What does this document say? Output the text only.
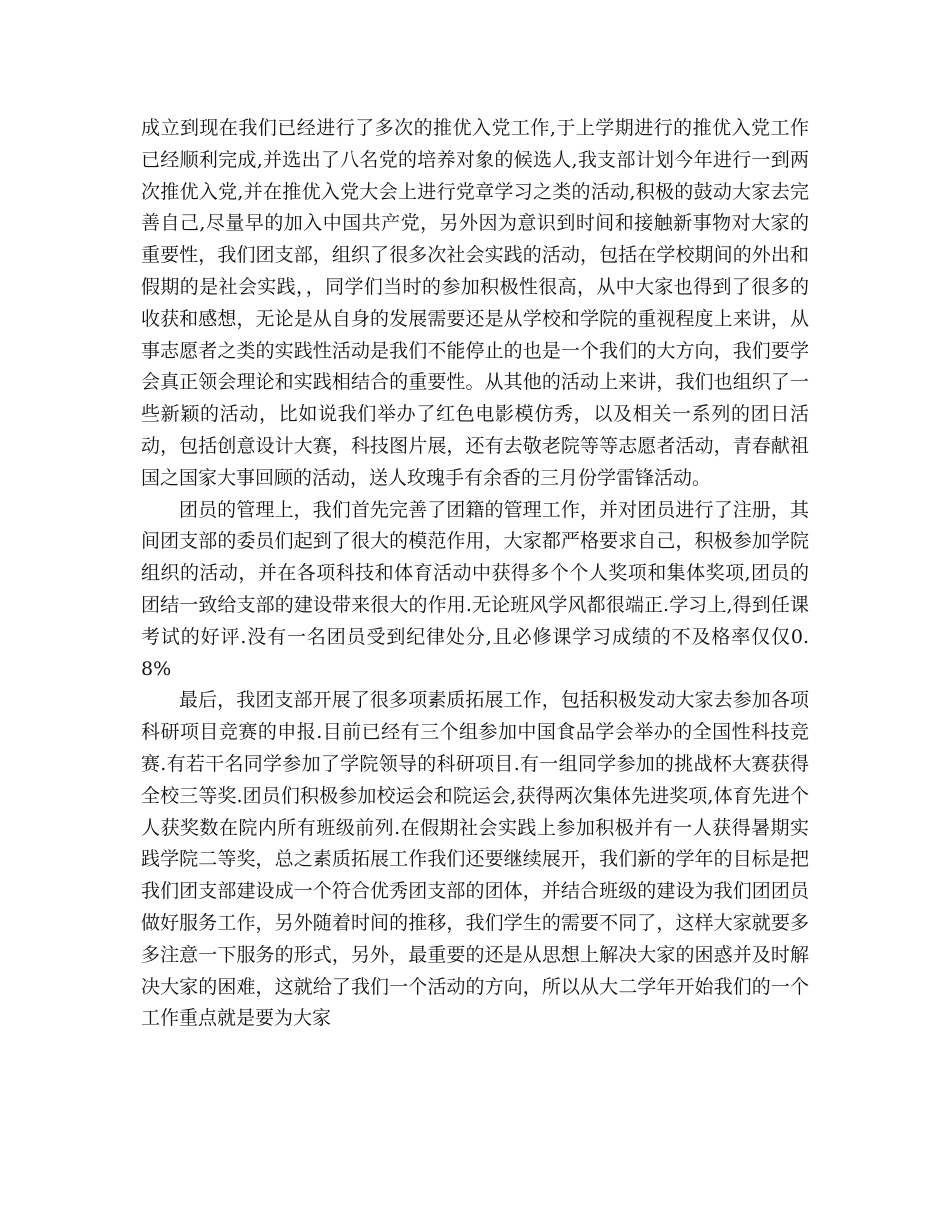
成立到现在我们已经进行了多次的推优入党工作,于上学期进行的推优入党工作已经顺利完成,并选出了八名党的培养对象的候选人,我支部计划今年进行一到两次推优入党,并在推优入党大会上进行党章学习之类的活动,积极的鼓动大家去完善自己,尽量早的加入中国共产党，另外因为意识到时间和接触新事物对大家的重要性，我们团支部，组织了很多次社会实践的活动，包括在学校期间的外出和假期的是社会实践，，同学们当时的参加积极性很高，从中大家也得到了很多的收获和感想，无论是从自身的发展需要还是从学校和学院的重视程度上来讲，从事志愿者之类的实践性活动是我们不能停止的也是一个我们的大方向，我们要学会真正领会理论和实践相结合的重要性。从其他的活动上来讲，我们也组织了一些新颖的活动，比如说我们举办了红色电影模仿秀，以及相关一系列的团日活动，包括创意设计大赛，科技图片展，还有去敬老院等等志愿者活动，青春献祖国之国家大事回顾的活动，送人玫瑰手有余香的三月份学雷锋活动。

团员的管理上，我们首先完善了团籍的管理工作，并对团员进行了注册，其间团支部的委员们起到了很大的模范作用，大家都严格要求自己，积极参加学院组织的活动，并在各项科技和体育活动中获得多个个人奖项和集体奖项,团员的团结一致给支部的建设带来很大的作用.无论班风学风都很端正.学习上,得到任课考试的好评.没有一名团员受到纪律处分,且必修课学习成绩的不及格率仅仅0.8%

最后，我团支部开展了很多项素质拓展工作，包括积极发动大家去参加各项科研项目竞赛的申报.目前已经有三个组参加中国食品学会举办的全国性科技竞赛.有若干名同学参加了学院领导的科研项目.有一组同学参加的挑战杯大赛获得全校三等奖.团员们积极参加校运会和院运会,获得两次集体先进奖项,体育先进个人获奖数在院内所有班级前列.在假期社会实践上参加积极并有一人获得暑期实践学院二等奖，总之素质拓展工作我们还要继续展开，我们新的学年的目标是把我们团支部建设成一个符合优秀团支部的团体，并结合班级的建设为我们团团员做好服务工作，另外随着时间的推移，我们学生的需要不同了，这样大家就要多多注意一下服务的形式，另外，最重要的还是从思想上解决大家的困惑并及时解决大家的困难，这就给了我们一个活动的方向，所以从大二学年开始我们的一个工作重点就是要为大家
